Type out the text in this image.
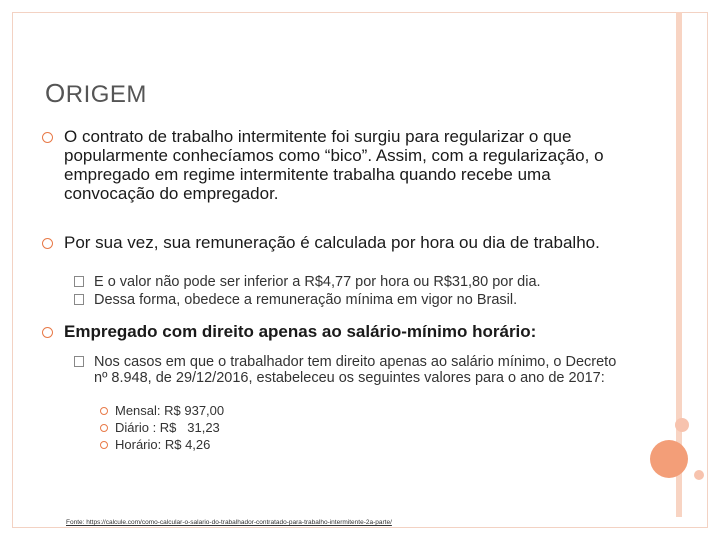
ORIGEM
O contrato de trabalho intermitente foi surgiu para regularizar o que popularmente conhecíamos como “bico”. Assim, com a regularização, o empregado em regime intermitente trabalha quando recebe uma convocação do empregador.
Por sua vez, sua remuneração é calculada por hora ou dia de trabalho.
E o valor não pode ser inferior a R$4,77 por hora ou R$31,80 por dia.
Dessa forma, obedece a remuneração mínima em vigor no Brasil.
Empregado com direito apenas ao salário-mínimo horário:
Nos casos em que o trabalhador tem direito apenas ao salário mínimo, o Decreto nº 8.948, de 29/12/2016, estabeleceu os seguintes valores para o ano de 2017:
Mensal: R$ 937,00
Diário : R$   31,23
Horário: R$ 4,26
Fonte: https://calcule.com/como-calcular-o-salario-do-trabalhador-contratado-para-trabalho-intermitente-2a-parte/
